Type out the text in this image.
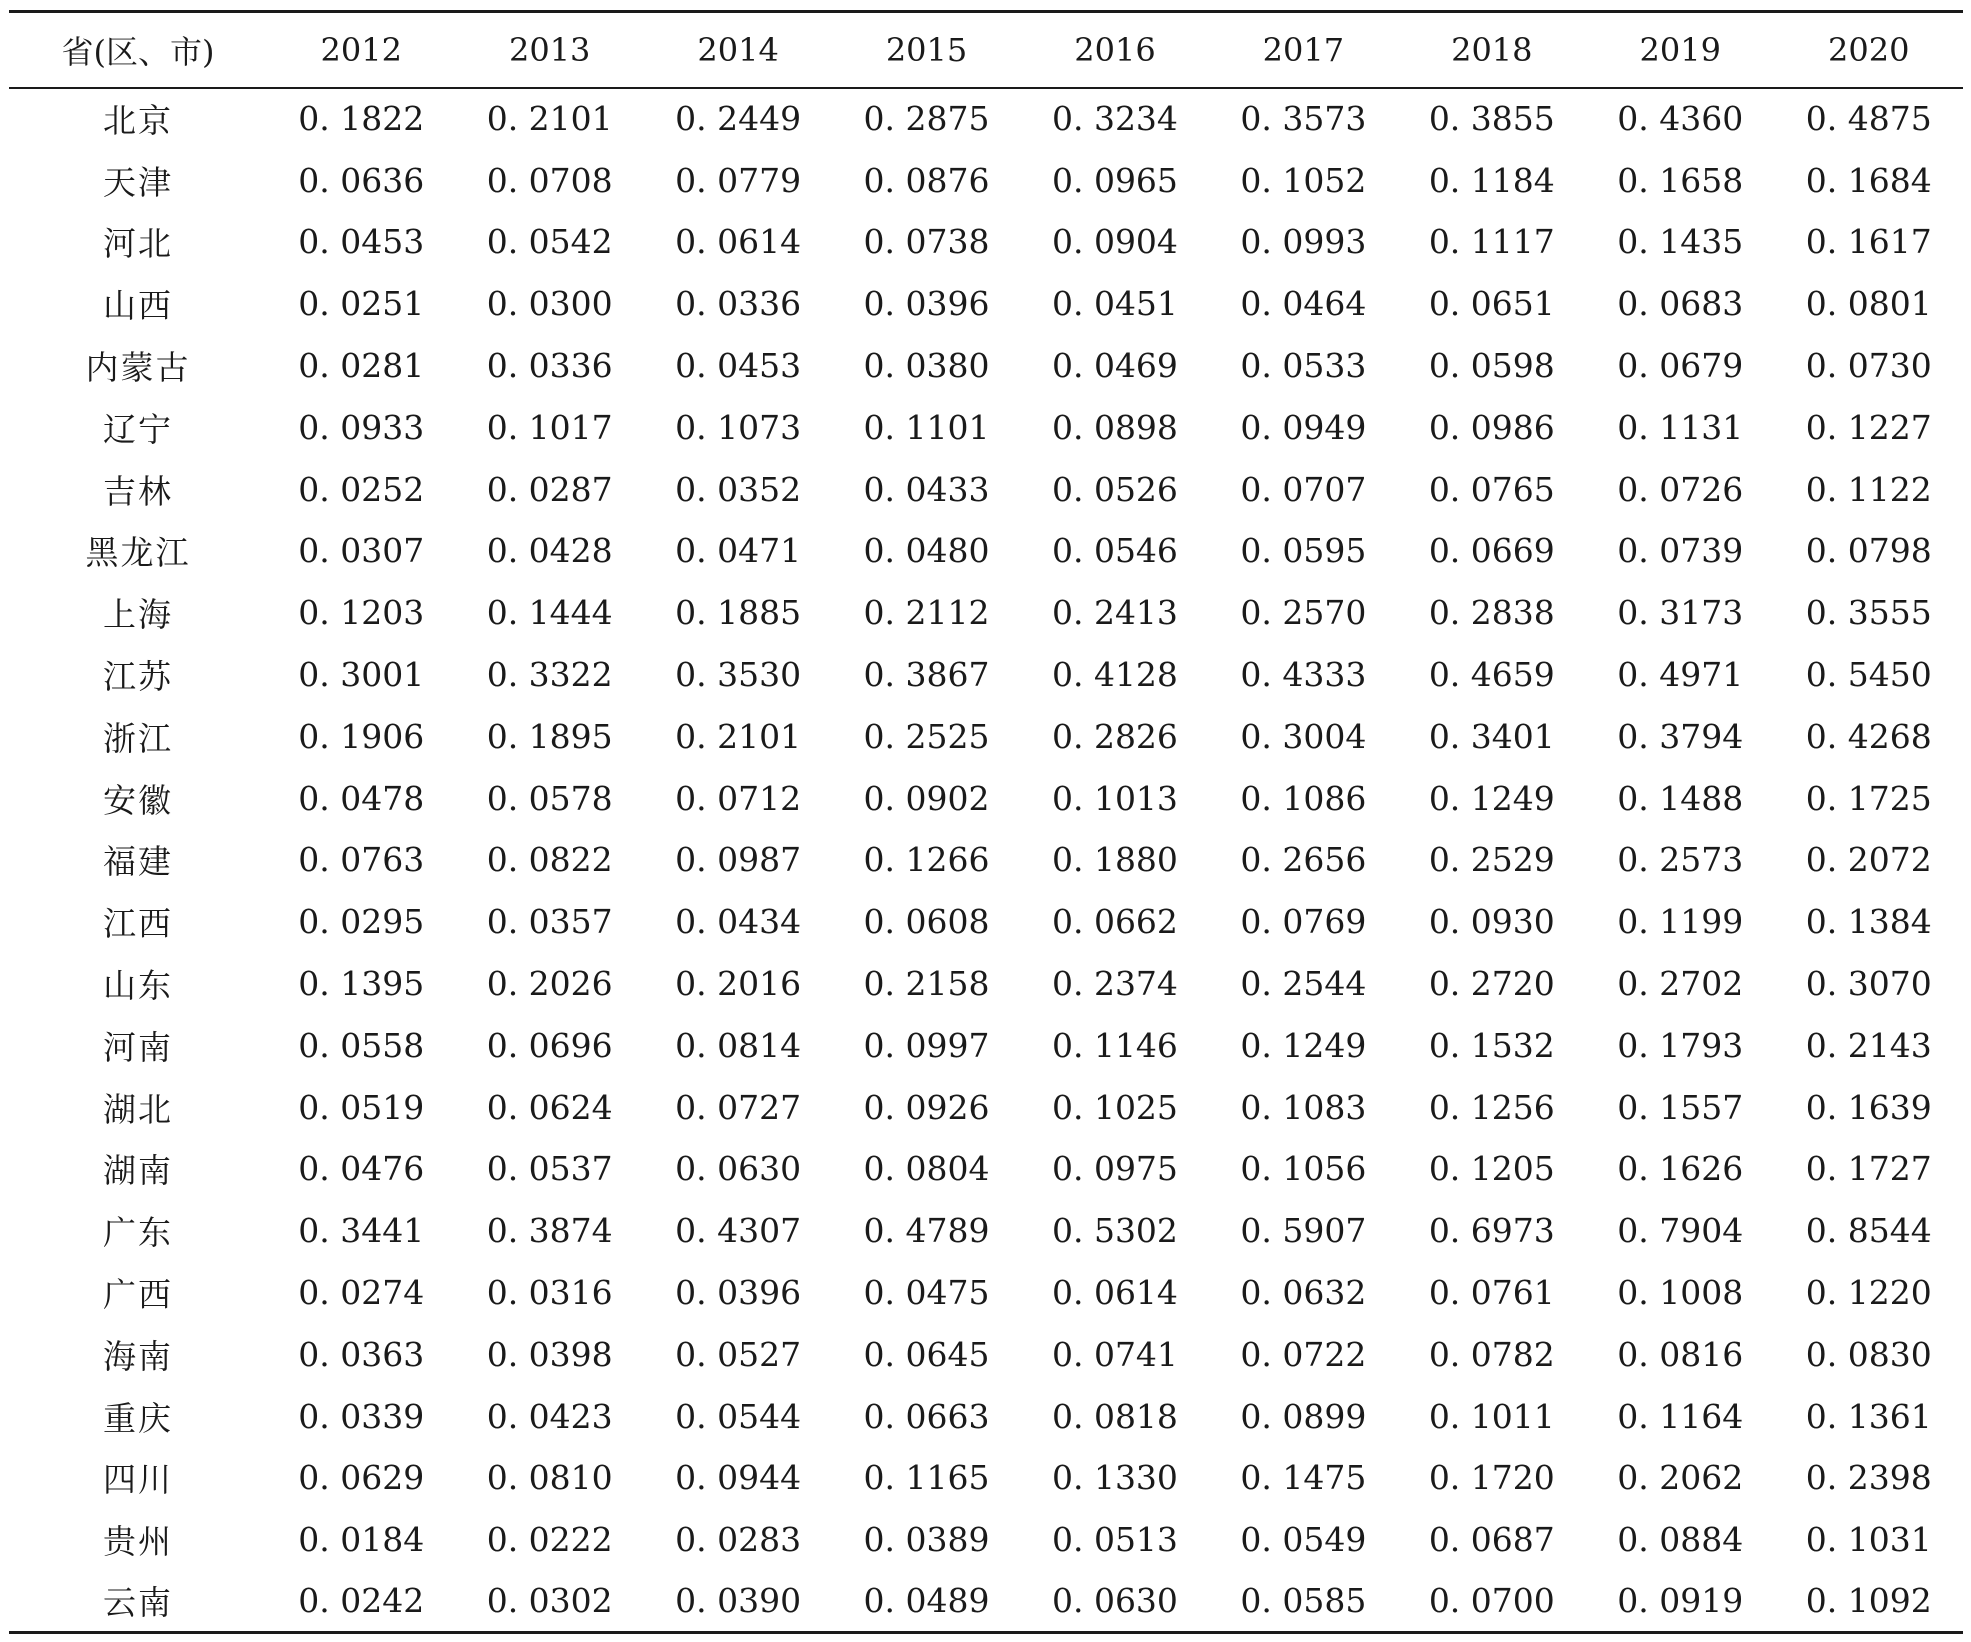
省(区、市)	2012	2013	2014	2015	2016	2017	2018	2019	2020
北京	0. 1822	0. 2101	0. 2449	0. 2875	0. 3234	0. 3573	0. 3855	0. 4360	0. 4875
天津	0. 0636	0. 0708	0. 0779	0. 0876	0. 0965	0. 1052	0. 1184	0. 1658	0. 1684
河北	0. 0453	0. 0542	0. 0614	0. 0738	0. 0904	0. 0993	0. 1117	0. 1435	0. 1617
山西	0. 0251	0. 0300	0. 0336	0. 0396	0. 0451	0. 0464	0. 0651	0. 0683	0. 0801
内蒙古	0. 0281	0. 0336	0. 0453	0. 0380	0. 0469	0. 0533	0. 0598	0. 0679	0. 0730
辽宁	0. 0933	0. 1017	0. 1073	0. 1101	0. 0898	0. 0949	0. 0986	0. 1131	0. 1227
吉林	0. 0252	0. 0287	0. 0352	0. 0433	0. 0526	0. 0707	0. 0765	0. 0726	0. 1122
黑龙江	0. 0307	0. 0428	0. 0471	0. 0480	0. 0546	0. 0595	0. 0669	0. 0739	0. 0798
上海	0. 1203	0. 1444	0. 1885	0. 2112	0. 2413	0. 2570	0. 2838	0. 3173	0. 3555
江苏	0. 3001	0. 3322	0. 3530	0. 3867	0. 4128	0. 4333	0. 4659	0. 4971	0. 5450
浙江	0. 1906	0. 1895	0. 2101	0. 2525	0. 2826	0. 3004	0. 3401	0. 3794	0. 4268
安徽	0. 0478	0. 0578	0. 0712	0. 0902	0. 1013	0. 1086	0. 1249	0. 1488	0. 1725
福建	0. 0763	0. 0822	0. 0987	0. 1266	0. 1880	0. 2656	0. 2529	0. 2573	0. 2072
江西	0. 0295	0. 0357	0. 0434	0. 0608	0. 0662	0. 0769	0. 0930	0. 1199	0. 1384
山东	0. 1395	0. 2026	0. 2016	0. 2158	0. 2374	0. 2544	0. 2720	0. 2702	0. 3070
河南	0. 0558	0. 0696	0. 0814	0. 0997	0. 1146	0. 1249	0. 1532	0. 1793	0. 2143
湖北	0. 0519	0. 0624	0. 0727	0. 0926	0. 1025	0. 1083	0. 1256	0. 1557	0. 1639
湖南	0. 0476	0. 0537	0. 0630	0. 0804	0. 0975	0. 1056	0. 1205	0. 1626	0. 1727
广东	0. 3441	0. 3874	0. 4307	0. 4789	0. 5302	0. 5907	0. 6973	0. 7904	0. 8544
广西	0. 0274	0. 0316	0. 0396	0. 0475	0. 0614	0. 0632	0. 0761	0. 1008	0. 1220
海南	0. 0363	0. 0398	0. 0527	0. 0645	0. 0741	0. 0722	0. 0782	0. 0816	0. 0830
重庆	0. 0339	0. 0423	0. 0544	0. 0663	0. 0818	0. 0899	0. 1011	0. 1164	0. 1361
四川	0. 0629	0. 0810	0. 0944	0. 1165	0. 1330	0. 1475	0. 1720	0. 2062	0. 2398
贵州	0. 0184	0. 0222	0. 0283	0. 0389	0. 0513	0. 0549	0. 0687	0. 0884	0. 1031
云南	0. 0242	0. 0302	0. 0390	0. 0489	0. 0630	0. 0585	0. 0700	0. 0919	0. 1092
